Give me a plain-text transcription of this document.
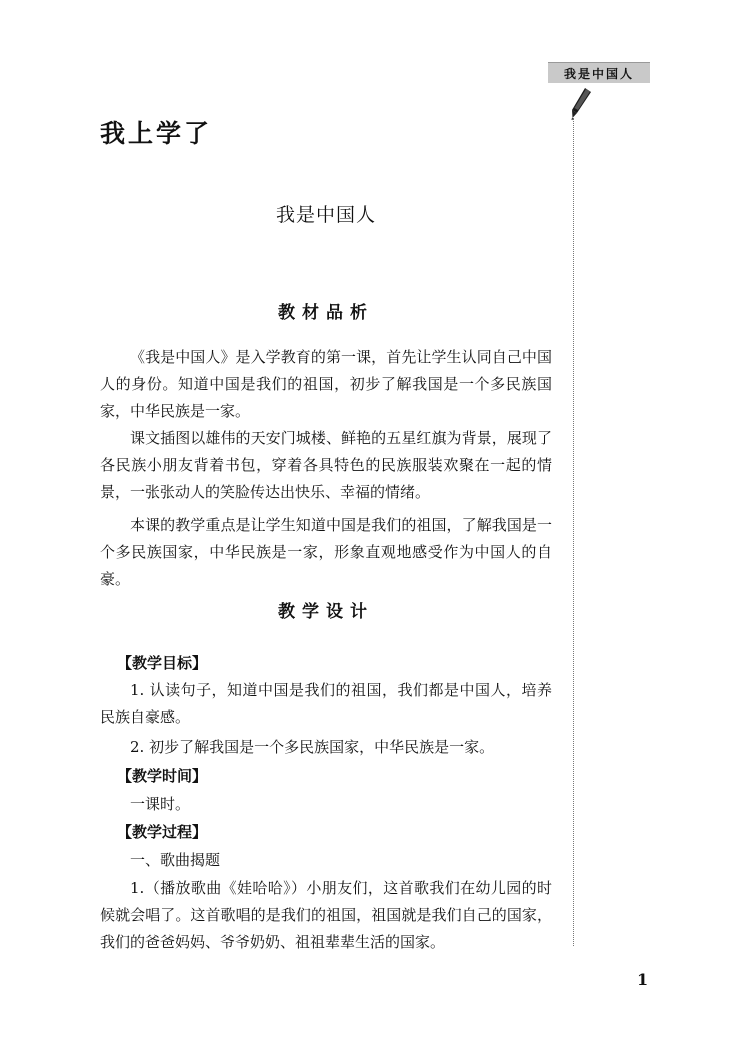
我是中国人
我上学了
我是中国人
教材品析

《我是中国人》是入学教育的第一课，首先让学生认同自己中国人的身份。知道中国是我们的祖国，初步了解我国是一个多民族国家，中华民族是一家。

课文插图以雄伟的天安门城楼、鲜艳的五星红旗为背景，展现了各民族小朋友背着书包，穿着各具特色的民族服装欢聚在一起的情景，一张张动人的笑脸传达出快乐、幸福的情绪。

本课的教学重点是让学生知道中国是我们的祖国，了解我国是一个多民族国家，中华民族是一家，形象直观地感受作为中国人的自豪。

教学设计
【教学目标】

1. 认读句子，知道中国是我们的祖国，我们都是中国人，培养民族自豪感。

2. 初步了解我国是一个多民族国家，中华民族是一家。

【教学时间】

一课时。

【教学过程】

一、歌曲揭题

1.（播放歌曲《娃哈哈》）小朋友们，这首歌我们在幼儿园的时候就会唱了。这首歌唱的是我们的祖国，祖国就是我们自己的国家，我们的爸爸妈妈、爷爷奶奶、祖祖辈辈生活的国家。

1
